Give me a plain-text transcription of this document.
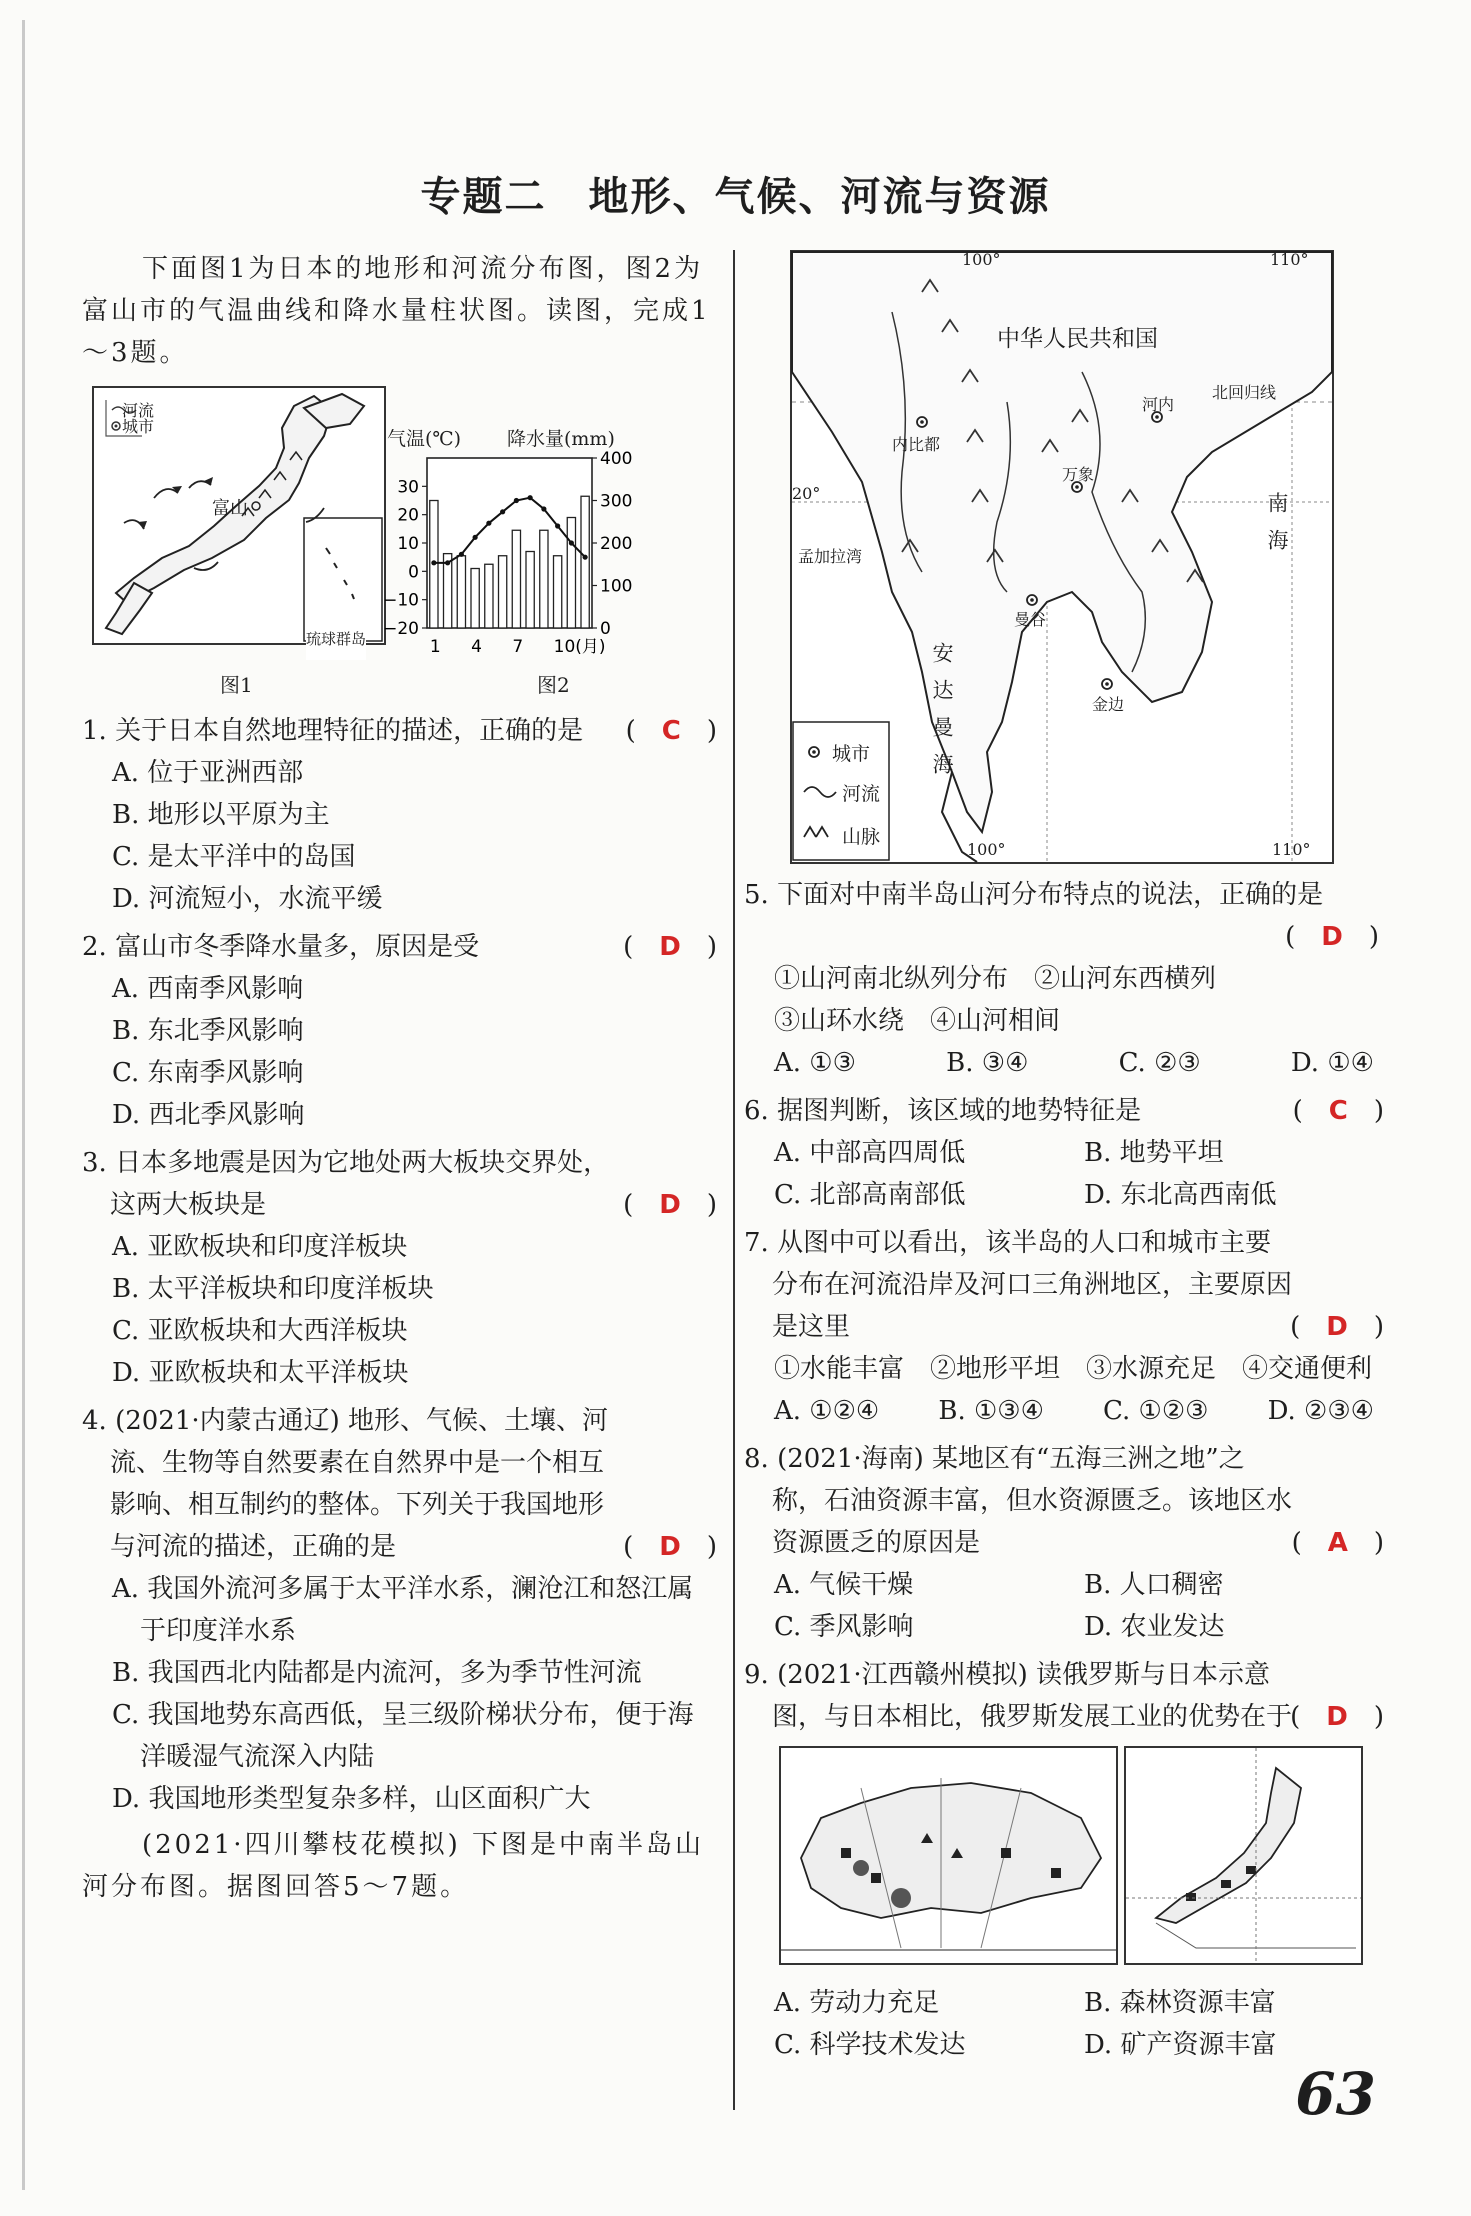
专题二　地形、气候、河流与资源

下面图1为日本的地形和河流分布图，图2为富山市的气温曲线和降水量柱状图。读图，完成1～3题。

河流
城市
富山
琉球群岛
图1
气温(℃) 降水量(mm)
30
20
10
0
−10
−20
400
300
200
100
0
1 4 7 10(月)
图2

1. 关于日本自然地理特征的描述，正确的是 (　C　)

A. 位于亚洲西部

B. 地形以平原为主

C. 是太平洋中的岛国

D. 河流短小，水流平缓

2. 富山市冬季降水量多，原因是受	(　D　)

A. 西南季风影响

B. 东北季风影响

C. 东南季风影响

D. 西北季风影响

3. 日本多地震是因为它地处两大板块交界处，这两大板块是	(　D　)

A. 亚欧板块和印度洋板块

B. 太平洋板块和印度洋板块

C. 亚欧板块和大西洋板块

D. 亚欧板块和太平洋板块

4. (2021·内蒙古通辽) 地形、气候、土壤、河流、生物等自然要素在自然界中是一个相互影响、相互制约的整体。下列关于我国地形与河流的描述，正确的是	(　D　)

A. 我国外流河多属于太平洋水系，澜沧江和怒江属于印度洋水系

B. 我国西北内陆都是内流河，多为季节性河流

C. 我国地势东高西低，呈三级阶梯状分布，便于海洋暖湿气流深入内陆

D. 我国地形类型复杂多样，山区面积广大

(2021·四川攀枝花模拟) 下图是中南半岛山河分布图。据图回答5～7题。

100°	110°
中华人民共和国
北回归线
20°
孟加拉湾
内比都
河内
万象
曼谷
金边
安达曼海
南海
城市
河流
山脉
100°	110°

5. 下面对中南半岛山河分布特点的说法，正确的是

(　D　)

①山河南北纵列分布　②山河东西横列

③山环水绕　④山河相间

A. ①③	B. ③④	C. ②③	D. ①④

6. 据图判断，该区域的地势特征是	(　C　)

A. 中部高四周低	B. 地势平坦

C. 北部高南部低	D. 东北高西南低

7. 从图中可以看出，该半岛的人口和城市主要分布在河流沿岸及河口三角洲地区，主要原因是这里	(　D　)

①水能丰富　②地形平坦　③水源充足　④交通便利

A. ①②④ B. ①③④ C. ①②③ D. ②③④

8. (2021·海南) 某地区有“五海三洲之地”之称，石油资源丰富，但水资源匮乏。该地区水资源匮乏的原因是	(　A　)

A. 气候干燥	B. 人口稠密

C. 季风影响	D. 农业发达

9. (2021·江西赣州模拟) 读俄罗斯与日本示意图，与日本相比，俄罗斯发展工业的优势在于
(　D　)

A. 劳动力充足	B. 森林资源丰富

C. 科学技术发达	D. 矿产资源丰富

63
